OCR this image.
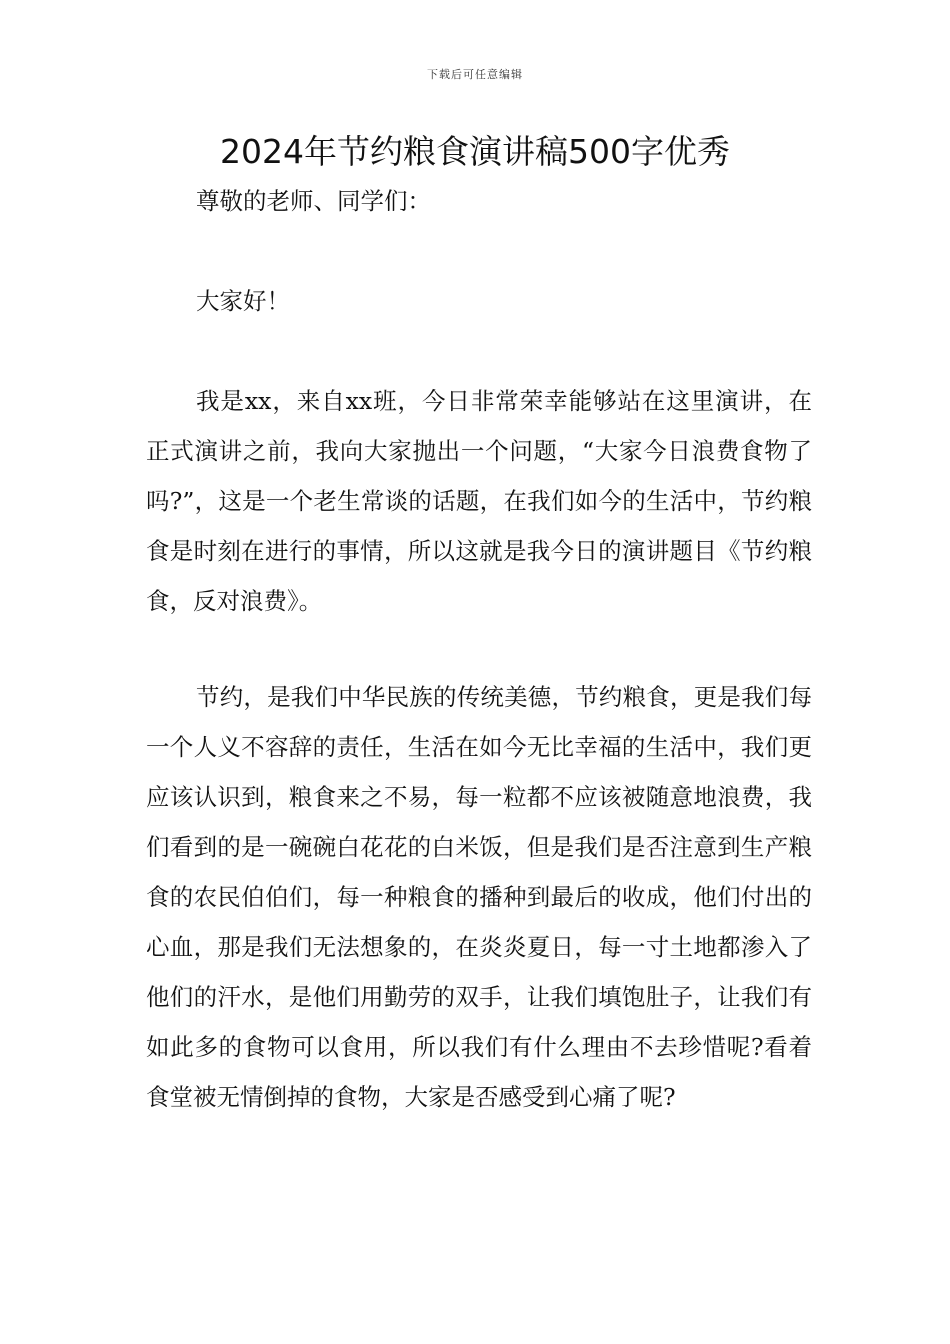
下载后可任意编辑
2024年节约粮食演讲稿500字优秀

尊敬的老师、同学们：

大家好！

我是xx，来自xx班，今日非常荣幸能够站在这里演讲，在正式演讲之前，我向大家抛出一个问题，“大家今日浪费食物了吗?”，这是一个老生常谈的话题，在我们如今的生活中，节约粮食是时刻在进行的事情，所以这就是我今日的演讲题目《节约粮食，反对浪费》。

节约，是我们中华民族的传统美德，节约粮食，更是我们每一个人义不容辞的责任，生活在如今无比幸福的生活中，我们更应该认识到，粮食来之不易，每一粒都不应该被随意地浪费，我们看到的是一碗碗白花花的白米饭，但是我们是否注意到生产粮食的农民伯伯们，每一种粮食的播种到最后的收成，他们付出的心血，那是我们无法想象的，在炎炎夏日，每一寸土地都渗入了他们的汗水，是他们用勤劳的双手，让我们填饱肚子，让我们有如此多的食物可以食用，所以我们有什么理由不去珍惜呢?看着食堂被无情倒掉的食物，大家是否感受到心痛了呢?
